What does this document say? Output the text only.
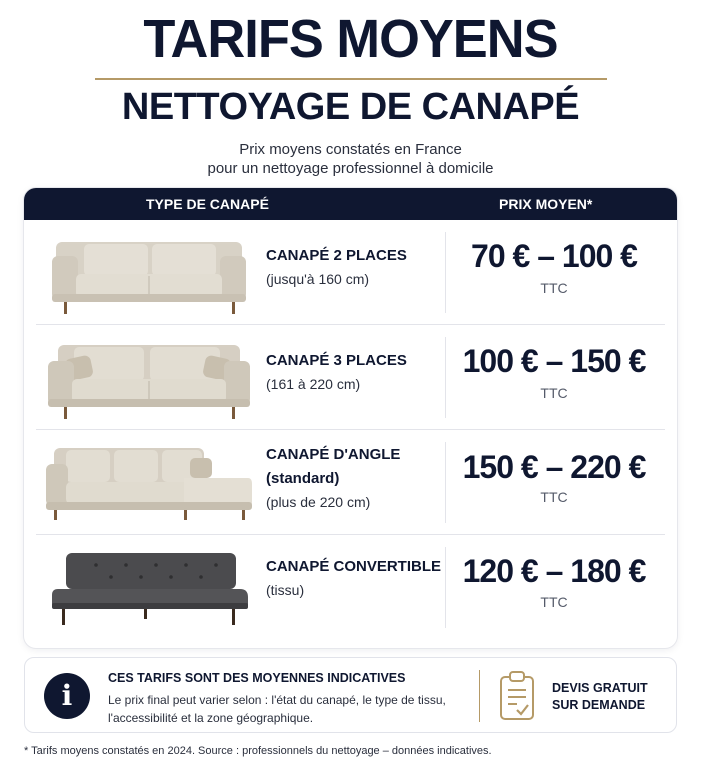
TARIFS MOYENS
NETTOYAGE DE CANAPÉ
Prix moyens constatés en France
pour un nettoyage professionnel à domicile
TYPE DE CANAPÉ	PRIX MOYEN*
CANAPÉ 2 PLACES
(jusqu'à 160 cm)
70 € – 100 €
TTC
CANAPÉ 3 PLACES
(161 à 220 cm)
100 € – 150 €
TTC
CANAPÉ D'ANGLE
(standard)
(plus de 220 cm)
150 € – 220 €
TTC
CANAPÉ CONVERTIBLE
(tissu)
120 € – 180 €
TTC
i
CES TARIFS SONT DES MOYENNES INDICATIVES
Le prix final peut varier selon : l'état du canapé, le type de tissu, l'accessibilité et la zone géographique.
DEVIS GRATUIT
SUR DEMANDE
* Tarifs moyens constatés en 2024. Source : professionnels du nettoyage – données indicatives.
